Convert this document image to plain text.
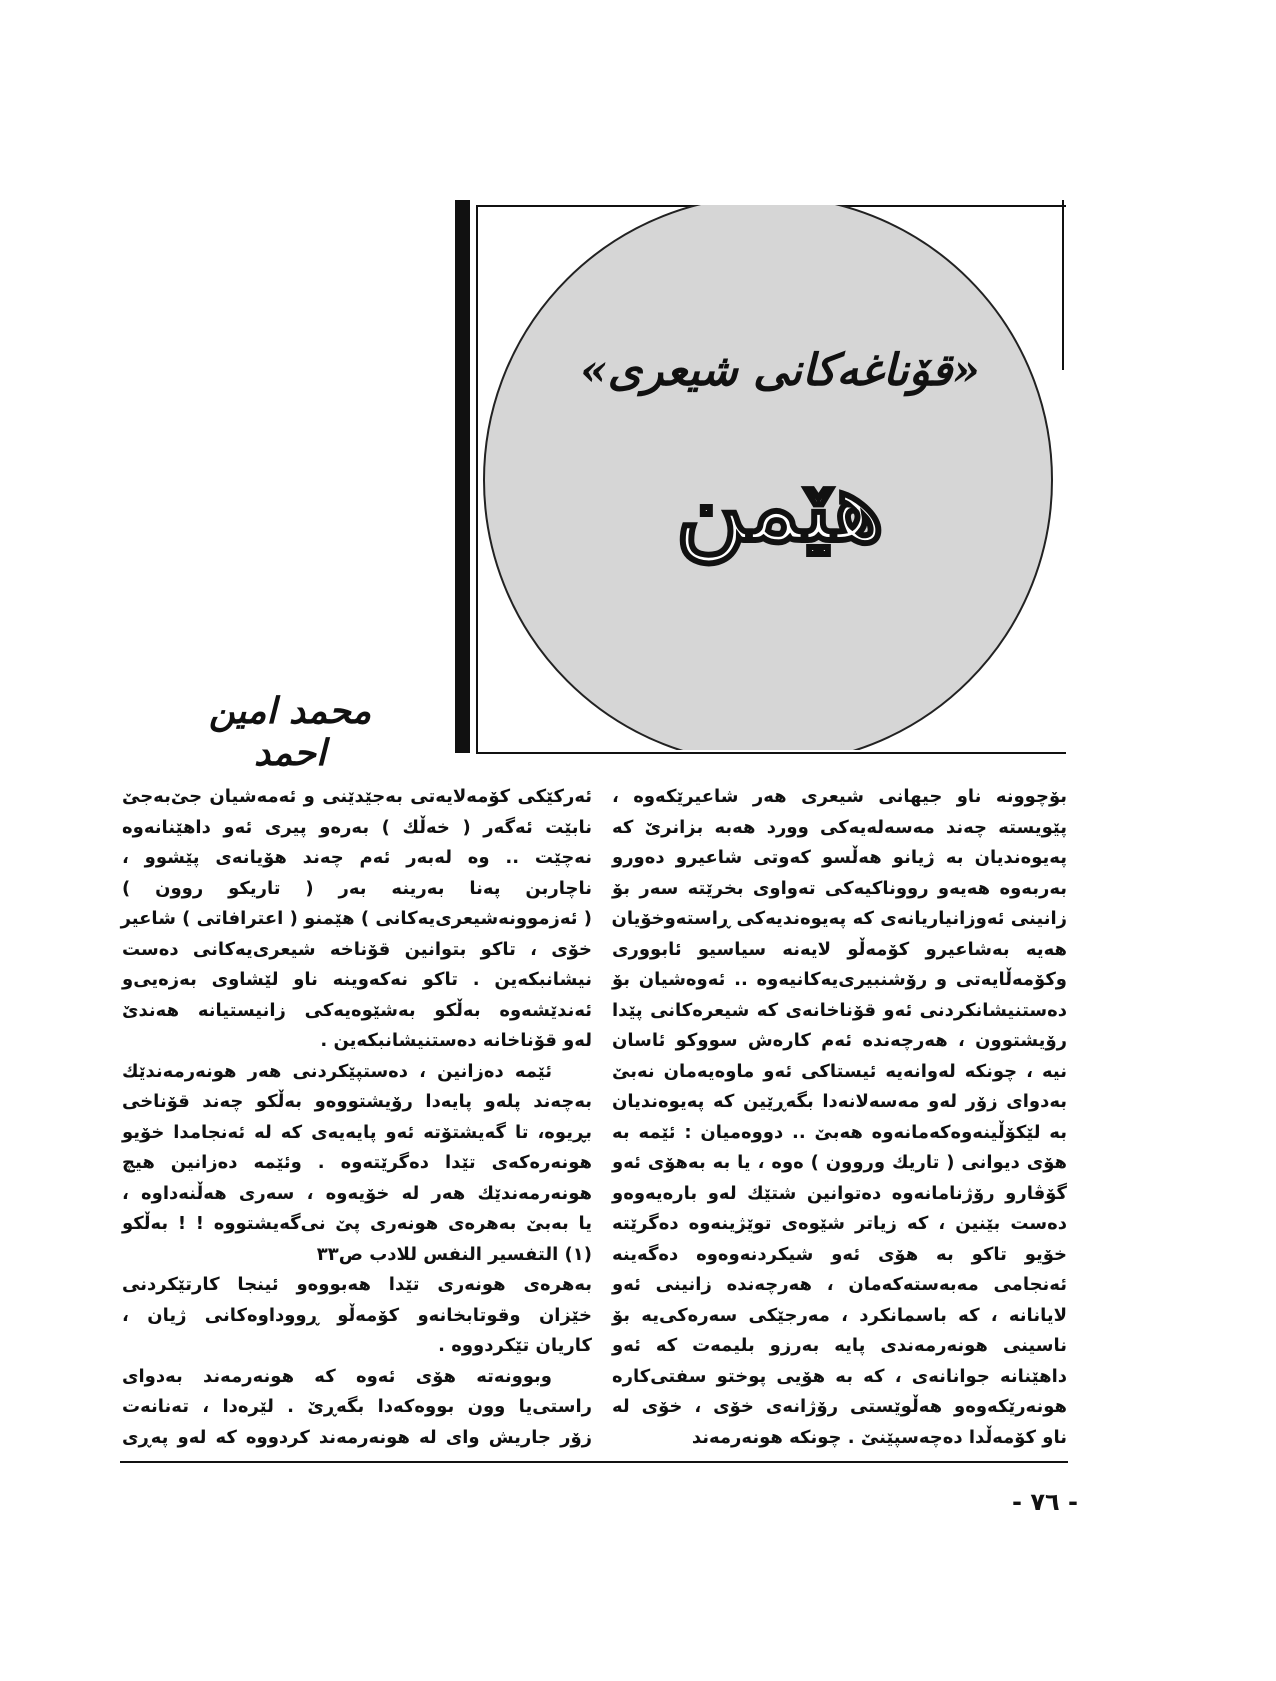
«قۆناغەکانی شیعری»
هێمن
محمد امین احمد
بۆچوونە ناو جیهانی شیعری هەر شاعیرێکەوە ،
پێویستە چەند مەسەلەیەکی وورد هەبە بزانرێ کە
پەیوەندیان بە ژیانو هەڵسو کەوتی شاعیرو دەورو
بەربەوە هەیەو رووناکیەکی تەواوی بخرێتە سەر بۆ
زانینی ئەوزانیاریانەی کە پەیوەندیەکی ڕاستەوخۆیان
هەیە بەشاعیرو کۆمەڵو لایەنە سیاسیو ئابووری
وکۆمەڵایەتی و رۆشنبیری‌یەکانیەوە .. ئەوەشیان بۆ
دەستنیشانکردنی ئەو قۆناخانەی کە شیعرەکانی پێدا
رۆیشتوون ، هەرچەندە ئەم کارەش سووکو ئاسان
نیە ، چونکە لەوانەیە ئیستاکی ئەو ماوەیەمان نەبێ
بەدوای زۆر لەو مەسەلانەدا بگەڕێین کە پەیوەندیان
بە لێکۆڵینەوەکەمانەوە هەبێ .. دووەمیان : ئێمە بە
هۆی دیوانی ( تاریك وروون ) ەوە ، یا بە بەهۆی ئەو
گۆڤارو رۆژنامانەوە دەتوانین شتێك لەو بارەیەوەو
دەست بێنین ، کە زیاتر شێوەی توێژینەوە دەگرێتە
خۆیو تاکو بە هۆی ئەو شیکردنەوەوە دەگەینە
ئەنجامی مەبەستەکەمان ، هەرچەندە زانینی ئەو
لایانانە ، کە باسمانکرد ، مەرجێکی سەرەکی‌یە بۆ
ناسینی هونەرمەندی پایە بەرزو بلیمەت کە ئەو
داهێنانە جوانانەی ، کە بە هۆیی پوختو سفتی‌کارە
هونەرێکەوەو هەڵوێستی رۆژانەی خۆی ، خۆی لە
ناو کۆمەڵدا دەچەسپێنێ . چونکە هونەرمەند
ئەرکێکی کۆمەلایەتی بەجێدێنی و ئەمەشیان جێ‌بەجێ
نابێت ئەگەر ( خەڵك ) بەرەو پیری ئەو داهێنانەوە
نەچێت .. وە لەبەر ئەم چەند هۆیانەی پێشوو ،
ناچاربن پەنا بەرینە بەر ( تاریكو روون )
( ئەزموونەشیعری‌یەکانی ) هێمنو ( اعترافاتی ) شاعیر
خۆی ، تاکو بتوانین قۆناخە شیعری‌یەکانی دەست
نیشانبکەین . تاکو نەکەوینە ناو لێشاوی بەزەیی‌و
ئەندێشەوە بەڵکو بەشێوەیەکی زانیستیانە هەندێ
لەو قۆناخانە دەستنیشانبکەین .
ئێمە دەزانین ، دەستپێکردنی هەر هونەرمەندێك
بەچەند پلەو پایەدا رۆیشتووەو بەڵکو چەند قۆناخی
بڕیوە، تا گەیشتۆتە ئەو پایەیەی کە لە ئەنجامدا خۆیو
هونەرەکەی تێدا دەگرێتەوە . وئێمە دەزانین هیچ
هونەرمەندێك هەر لە خۆیەوە ، سەری هەڵنەداوە ،
یا بەبێ بەهرەی هونەری پێ نی‌گەیشتووە ! ! بەڵکو
(١) التفسیر النفس للادب ص٣٣
بەهرەی هونەری تێدا هەبووەو ئینجا کارتێکردنی
خێزان وقوتابخانەو کۆمەڵو ڕووداوەکانی ژیان ،
کاریان تێکردووە .
وبوونەتە هۆی ئەوە کە هونەرمەند بەدوای
راستی‌یا وون بووەکەدا بگەڕێ . لێرەدا ، تەنانەت
زۆر جاریش وای لە هونەرمەند کردووە کە لەو پەڕی
- ٧٦ -
